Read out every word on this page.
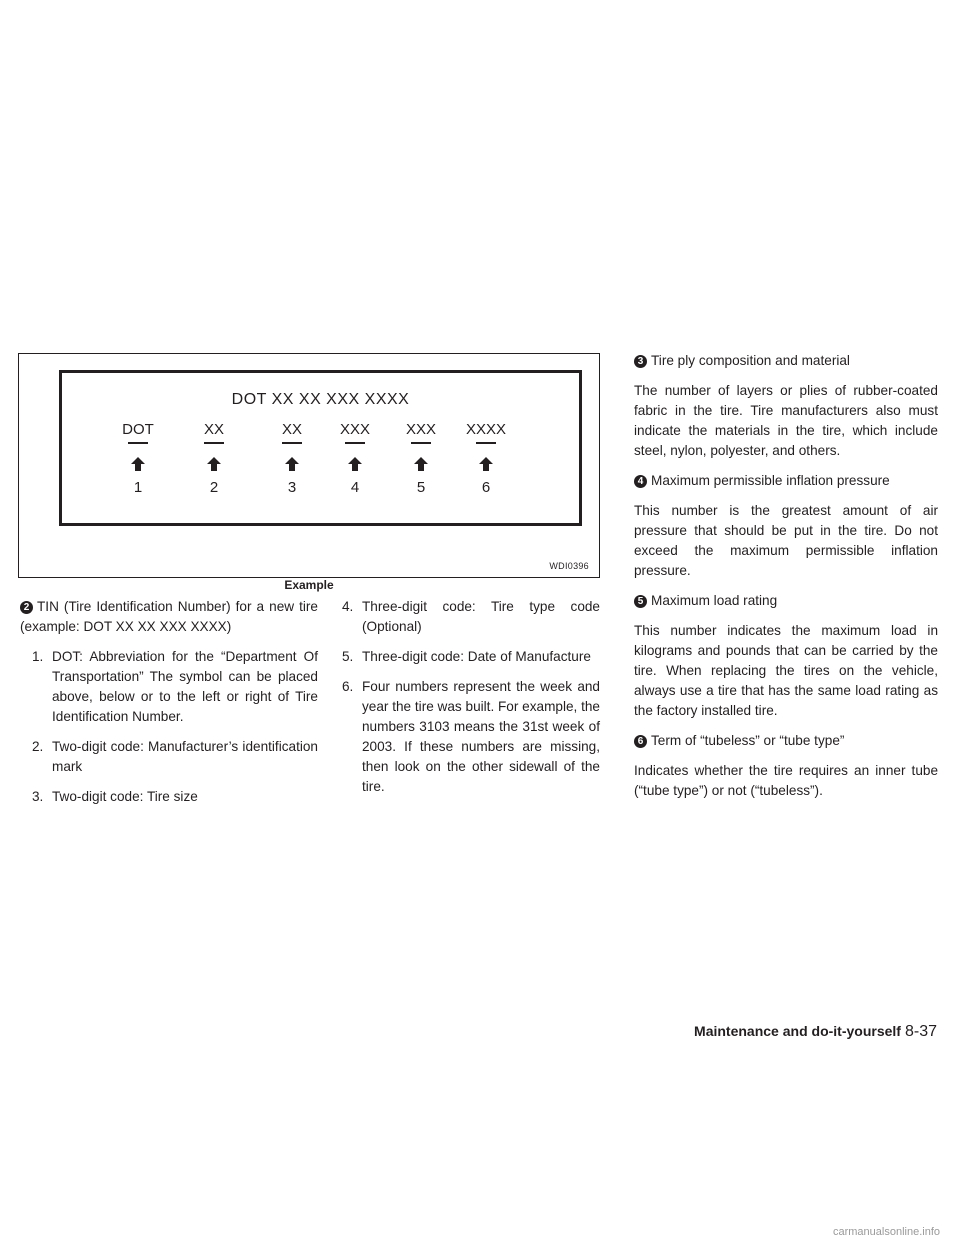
DOT XX XX XXX XXXX
DOT
1
XX
2
XX
3
XXX
4
XXX
5
XXXX
6
WDI0396
Example

2 TIN (Tire Identification Number) for a new tire (example: DOT XX XX XXX XXXX)

1. DOT: Abbreviation for the “Department Of Transportation” The symbol can be placed above, below or to the left or right of Tire Identification Number.
2. Two-digit code: Manufacturer’s identification mark
3. Two-digit code: Tire size
4. Three-digit code: Tire type code (Optional)
5. Three-digit code: Date of Manufacture
6. Four numbers represent the week and year the tire was built. For example, the numbers 3103 means the 31st week of 2003. If these numbers are missing, then look on the other sidewall of the tire.

3 Tire ply composition and material

The number of layers or plies of rubber-coated fabric in the tire. Tire manufacturers also must indicate the materials in the tire, which include steel, nylon, polyester, and others.

4 Maximum permissible inflation pressure

This number is the greatest amount of air pressure that should be put in the tire. Do not exceed the maximum permissible inflation pressure.

5 Maximum load rating

This number indicates the maximum load in kilograms and pounds that can be carried by the tire. When replacing the tires on the vehicle, always use a tire that has the same load rating as the factory installed tire.

6 Term of “tubeless” or “tube type”

Indicates whether the tire requires an inner tube (“tube type”) or not (“tubeless”).

Maintenance and do-it-yourself 8-37
carmanualsonline.info
